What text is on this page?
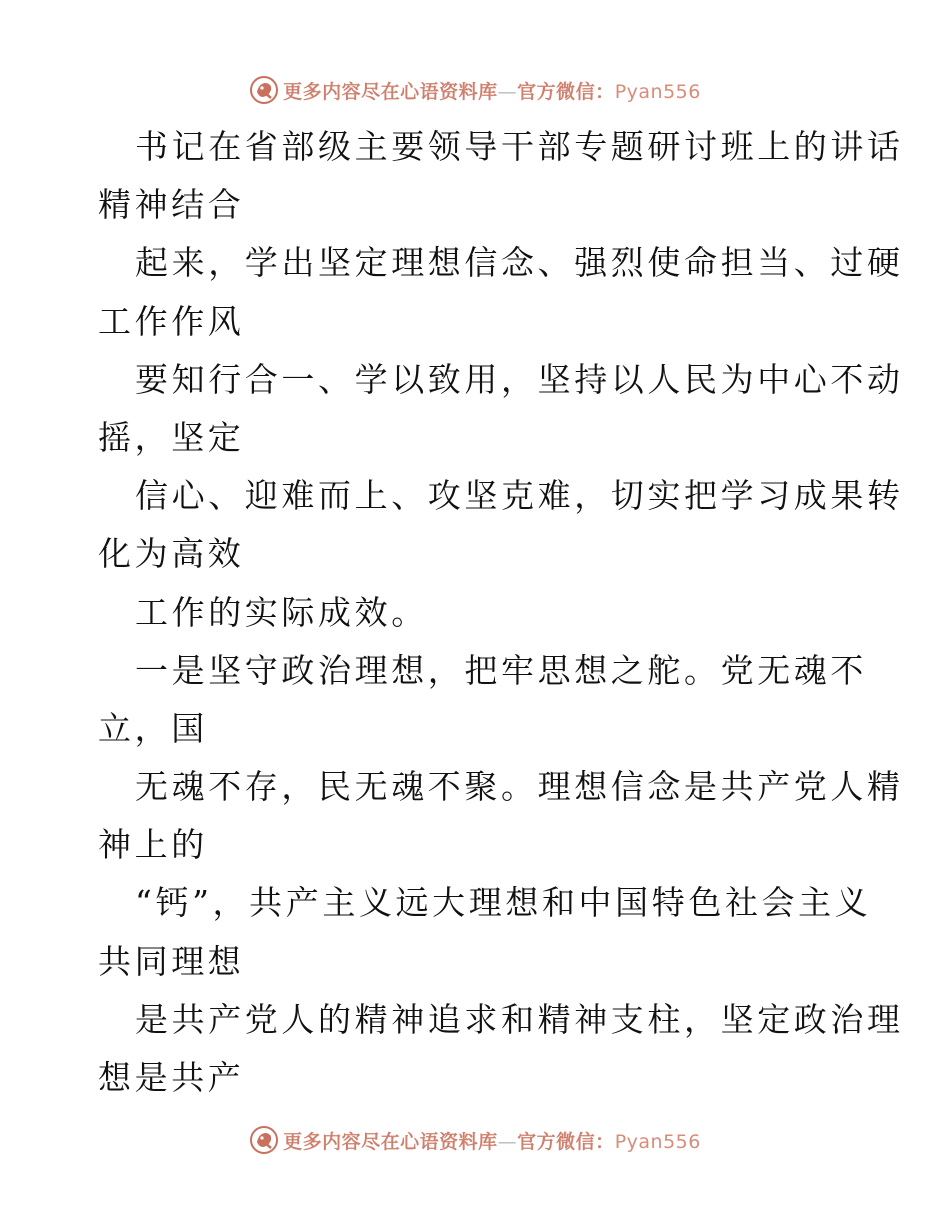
更多内容尽在心语资料库—官方微信：Pyan556
书记在省部级主要领导干部专题研讨班上的讲话
精神结合
起来，学出坚定理想信念、强烈使命担当、过硬
工作作风
要知行合一、学以致用，坚持以人民为中心不动
摇，坚定
信心、迎难而上、攻坚克难，切实把学习成果转
化为高效
工作的实际成效。
一是坚守政治理想，把牢思想之舵。党无魂不
立，国
无魂不存，民无魂不聚。理想信念是共产党人精
神上的
“钙”，共产主义远大理想和中国特色社会主义
共同理想
是共产党人的精神追求和精神支柱，坚定政治理
想是共产
更多内容尽在心语资料库—官方微信：Pyan556
